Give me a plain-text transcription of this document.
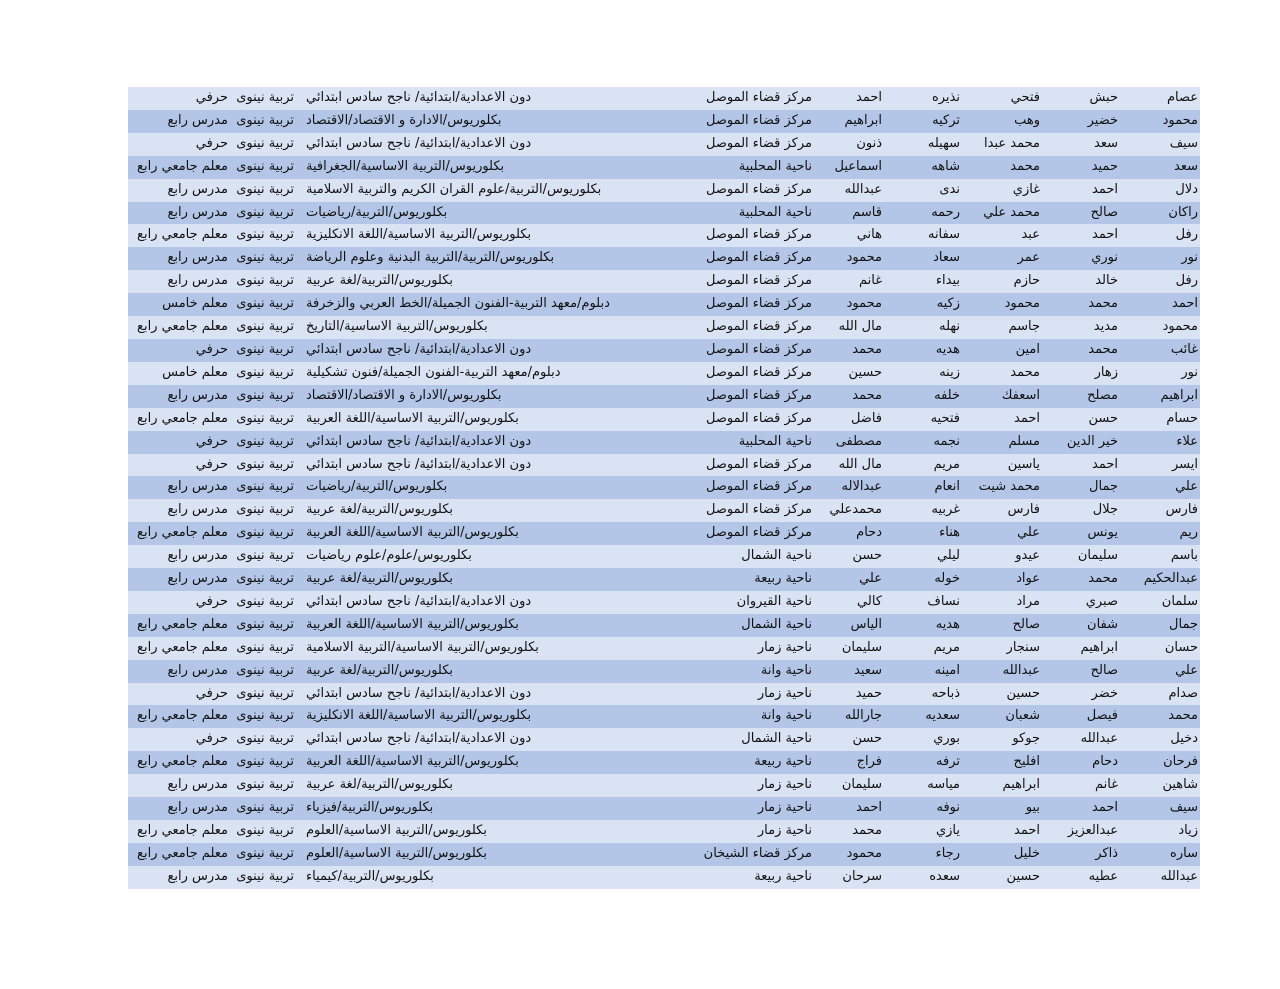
عصام	حبش	فتحي	نذيره	احمد	مركز قضاء الموصل	دون الاعدادية/ابتدائية/ ناجح سادس ابتدائي	تربية نينوى	حرفي
محمود	خضير	وهب	تركيه	ابراهيم	مركز قضاء الموصل	بكلوريوس/الادارة و الاقتصاد/الاقتصاد	تربية نينوى	مدرس رابع
سيف	سعد	محمد عبدا	سهيله	ذنون	مركز قضاء الموصل	دون الاعدادية/ابتدائية/ ناجح سادس ابتدائي	تربية نينوى	حرفي
سعد	حميد	محمد	شاهه	اسماعيل	ناحية المحلبية	بكلوريوس/التربية الاساسية/الجغرافية	تربية نينوى	معلم جامعي رابع
دلال	احمد	غازي	ندى	عبدالله	مركز قضاء الموصل	بكلوريوس/التربية/علوم القران الكريم والتربية الاسلامية	تربية نينوى	مدرس رابع
راكان	صالح	محمد علي	رحمه	قاسم	ناحية المحلبية	بكلوريوس/التربية/رياضيات	تربية نينوى	مدرس رابع
رفل	احمد	عبد	سفانه	هاني	مركز قضاء الموصل	بكلوريوس/التربية الاساسية/اللغة الانكليزية	تربية نينوى	معلم جامعي رابع
نور	نوري	عمر	سعاد	محمود	مركز قضاء الموصل	بكلوريوس/التربية/التربية البدنية وعلوم الرياضة	تربية نينوى	مدرس رابع
رفل	خالد	حازم	بيداء	غانم	مركز قضاء الموصل	بكلوريوس/التربية/لغة عربية	تربية نينوى	مدرس رابع
احمد	محمد	محمود	زكيه	محمود	مركز قضاء الموصل	دبلوم/معهد التربية-الفنون الجميلة/الخط العربي والزخرفة	تربية نينوى	معلم خامس
محمود	مديد	جاسم	نهله	مال الله	مركز قضاء الموصل	بكلوريوس/التربية الاساسية/التاريخ	تربية نينوى	معلم جامعي رابع
غائب	محمد	امين	هديه	محمد	مركز قضاء الموصل	دون الاعدادية/ابتدائية/ ناجح سادس ابتدائي	تربية نينوى	حرفي
نور	زهار	محمد	زينه	حسين	مركز قضاء الموصل	دبلوم/معهد التربية-الفنون الجميلة/فنون تشكيلية	تربية نينوى	معلم خامس
ابراهيم	مصلح	اسعفك	خلفه	محمد	مركز قضاء الموصل	بكلوريوس/الادارة و الاقتصاد/الاقتصاد	تربية نينوى	مدرس رابع
حسام	حسن	احمد	فتحيه	فاضل	مركز قضاء الموصل	بكلوريوس/التربية الاساسية/اللغة العربية	تربية نينوى	معلم جامعي رابع
علاء	خير الدين	مسلم	نجمه	مصطفى	ناحية المحلبية	دون الاعدادية/ابتدائية/ ناجح سادس ابتدائي	تربية نينوى	حرفي
ايسر	احمد	ياسين	مريم	مال الله	مركز قضاء الموصل	دون الاعدادية/ابتدائية/ ناجح سادس ابتدائي	تربية نينوى	حرفي
علي	جمال	محمد شيت	انعام	عبدالاله	مركز قضاء الموصل	بكلوريوس/التربية/رياضيات	تربية نينوى	مدرس رابع
فارس	جلال	فارس	غربيه	محمدعلي	مركز قضاء الموصل	بكلوريوس/التربية/لغة عربية	تربية نينوى	مدرس رابع
ريم	يونس	علي	هناء	دحام	مركز قضاء الموصل	بكلوريوس/التربية الاساسية/اللغة العربية	تربية نينوى	معلم جامعي رابع
باسم	سليمان	عيدو	ليلي	حسن	ناحية الشمال	بكلوريوس/علوم/علوم رياضيات	تربية نينوى	مدرس رابع
عبدالحكيم	محمد	عواد	خوله	علي	ناحية ربيعة	بكلوريوس/التربية/لغة عربية	تربية نينوى	مدرس رابع
سلمان	صبري	مراد	نساف	كالي	ناحية القيروان	دون الاعدادية/ابتدائية/ ناجح سادس ابتدائي	تربية نينوى	حرفي
جمال	شفان	صالح	هديه	الياس	ناحية الشمال	بكلوريوس/التربية الاساسية/اللغة العربية	تربية نينوى	معلم جامعي رابع
حسان	ابراهيم	سنجار	مريم	سليمان	ناحية زمار	بكلوريوس/التربية الاساسية/التربية الاسلامية	تربية نينوى	معلم جامعي رابع
علي	صالح	عبدالله	امينه	سعيد	ناحية وانة	بكلوريوس/التربية/لغة عربية	تربية نينوى	مدرس رابع
صدام	خضر	حسين	ذباحه	حميد	ناحية زمار	دون الاعدادية/ابتدائية/ ناجح سادس ابتدائي	تربية نينوى	حرفي
محمد	فيصل	شعبان	سعديه	جارالله	ناحية وانة	بكلوريوس/التربية الاساسية/اللغة الانكليزية	تربية نينوى	معلم جامعي رابع
دخيل	عبدالله	جوكو	بوري	حسن	ناحية الشمال	دون الاعدادية/ابتدائية/ ناجح سادس ابتدائي	تربية نينوى	حرفي
فرحان	دحام	افليح	ترفه	فراج	ناحية ربيعة	بكلوريوس/التربية الاساسية/اللغة العربية	تربية نينوى	معلم جامعي رابع
شاهين	غانم	ابراهيم	مياسه	سليمان	ناحية زمار	بكلوريوس/التربية/لغة عربية	تربية نينوى	مدرس رابع
سيف	احمد	بيو	نوفه	احمد	ناحية زمار	بكلوريوس/التربية/فيزياء	تربية نينوى	مدرس رابع
زياد	عبدالعزيز	احمد	يازي	محمد	ناحية زمار	بكلوريوس/التربية الاساسية/العلوم	تربية نينوى	معلم جامعي رابع
ساره	ذاكر	خليل	رجاء	محمود	مركز قضاء الشيخان	بكلوريوس/التربية الاساسية/العلوم	تربية نينوى	معلم جامعي رابع
عبدالله	عطيه	حسين	سعده	سرحان	ناحية ربيعة	بكلوريوس/التربية/كيمياء	تربية نينوى	مدرس رابع
